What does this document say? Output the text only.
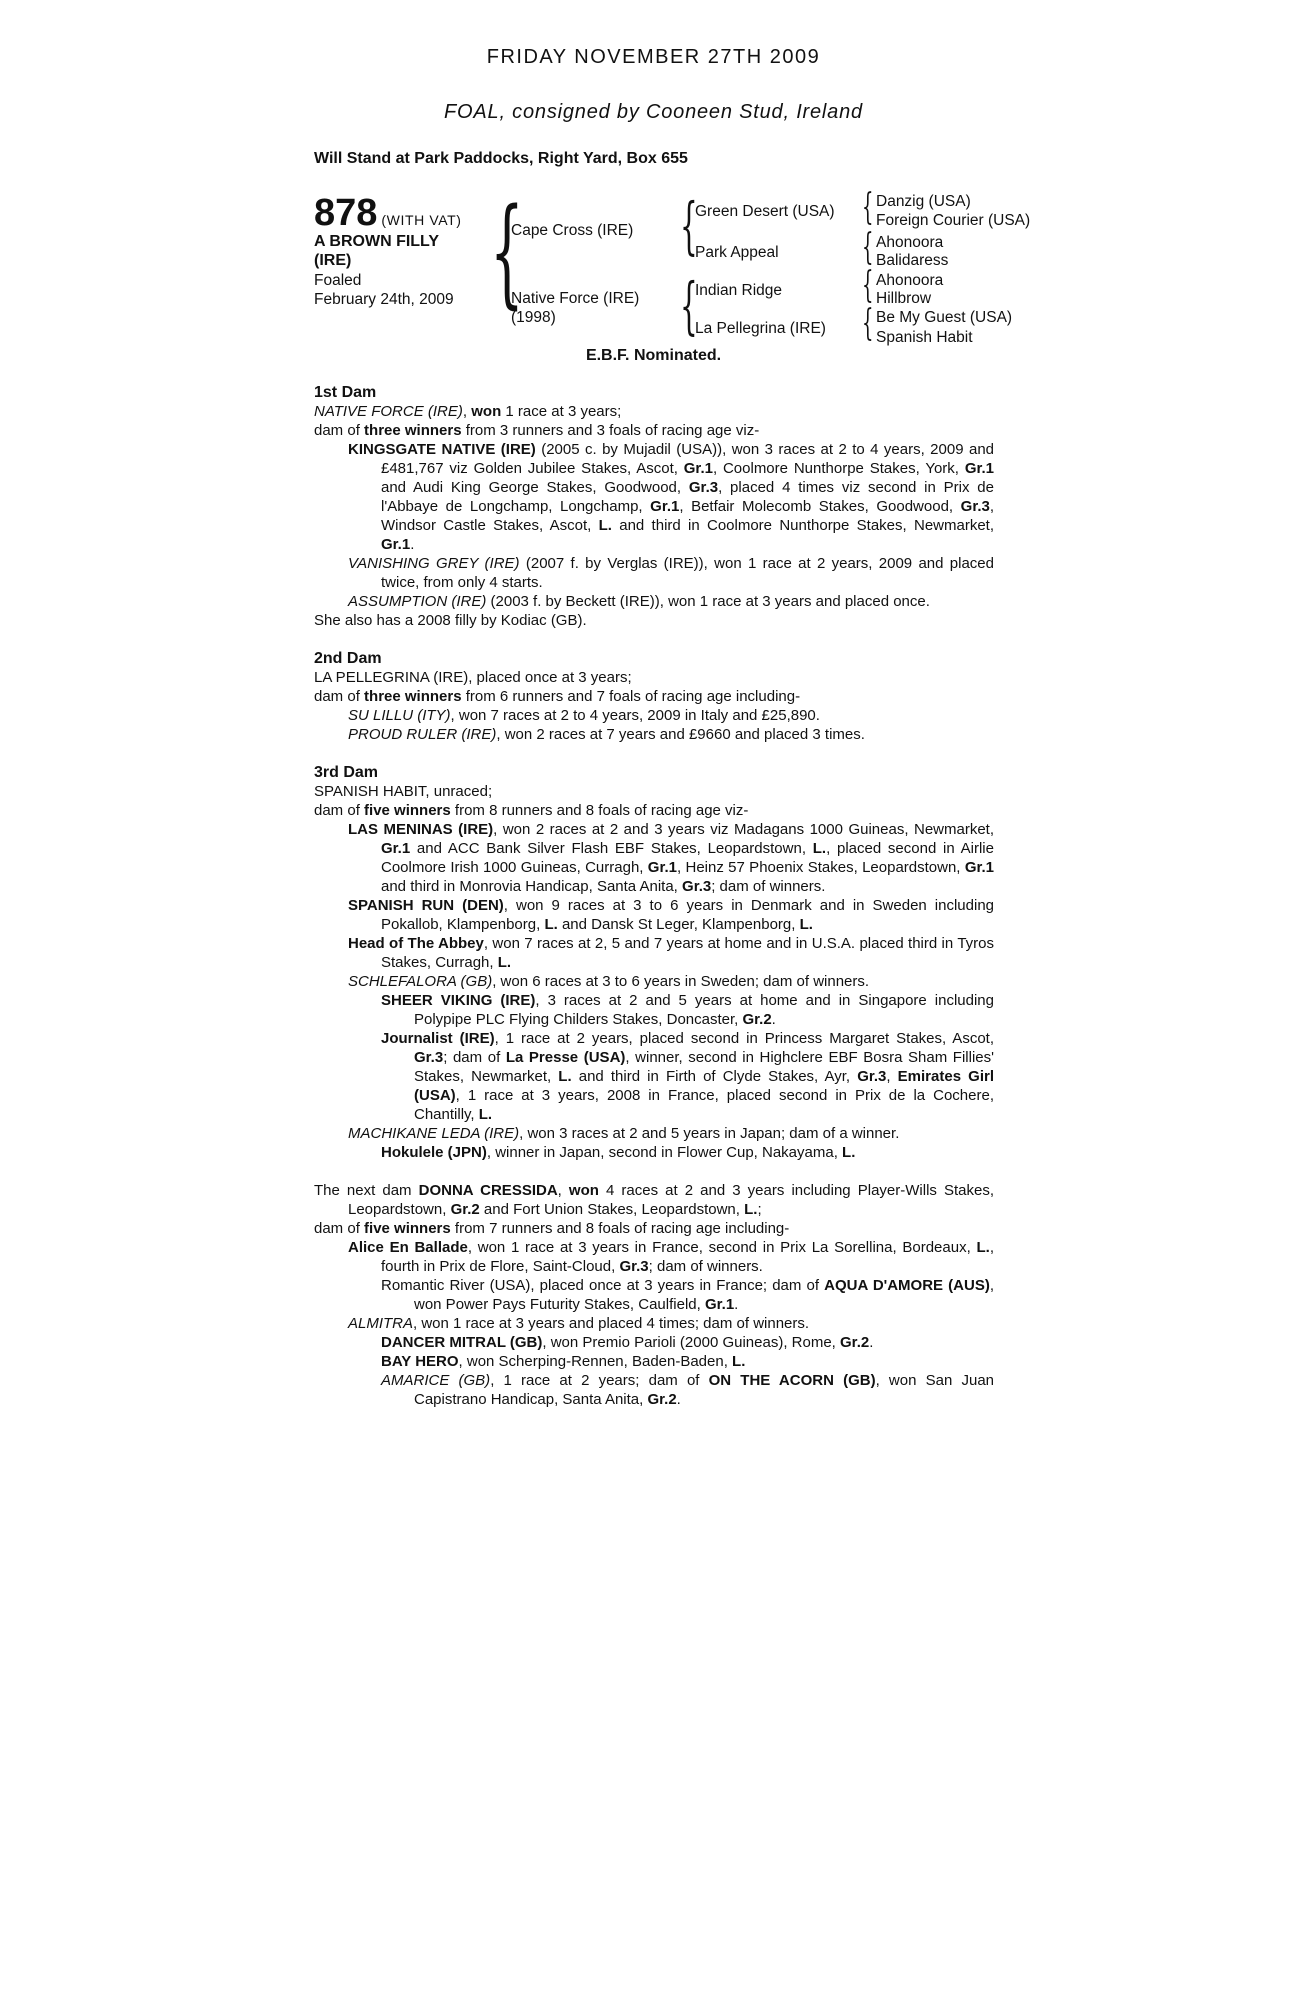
FRIDAY NOVEMBER 27TH 2009
FOAL, consigned by Cooneen Stud, Ireland
Will Stand at Park Paddocks, Right Yard, Box 655
878 (WITH VAT)
A BROWN FILLY
(IRE)
Foaled
February 24th, 2009 {
Cape Cross (IRE)
Native Force (IRE)
(1998)
{
{
Green Desert (USA)
Park Appeal
Indian Ridge
La Pellegrina (IRE)
{
{
{
{
Danzig (USA)
Foreign Courier (USA)
Ahonoora
Balidaress
Ahonoora
Hillbrow
Be My Guest (USA)
Spanish Habit
E.B.F. Nominated.

1st Dam

NATIVE FORCE (IRE), won 1 race at 3 years;

dam of three winners from 3 runners and 3 foals of racing age viz-

KINGSGATE NATIVE (IRE) (2005 c. by Mujadil (USA)), won 3 races at 2 to 4 years, 2009 and £481,767 viz Golden Jubilee Stakes, Ascot, Gr.1, Coolmore Nunthorpe Stakes, York, Gr.1 and Audi King George Stakes, Goodwood, Gr.3, placed 4 times viz second in Prix de l'Abbaye de Longchamp, Longchamp, Gr.1, Betfair Molecomb Stakes, Goodwood, Gr.3, Windsor Castle Stakes, Ascot, L. and third in Coolmore Nunthorpe Stakes, Newmarket, Gr.1.

VANISHING GREY (IRE) (2007 f. by Verglas (IRE)), won 1 race at 2 years, 2009 and placed twice, from only 4 starts.

ASSUMPTION (IRE) (2003 f. by Beckett (IRE)), won 1 race at 3 years and placed once.

She also has a 2008 filly by Kodiac (GB).

2nd Dam

LA PELLEGRINA (IRE), placed once at 3 years;

dam of three winners from 6 runners and 7 foals of racing age including-

SU LILLU (ITY), won 7 races at 2 to 4 years, 2009 in Italy and £25,890.

PROUD RULER (IRE), won 2 races at 7 years and £9660 and placed 3 times.

3rd Dam

SPANISH HABIT, unraced;

dam of five winners from 8 runners and 8 foals of racing age viz-

LAS MENINAS (IRE), won 2 races at 2 and 3 years viz Madagans 1000 Guineas, Newmarket, Gr.1 and ACC Bank Silver Flash EBF Stakes, Leopardstown, L., placed second in Airlie Coolmore Irish 1000 Guineas, Curragh, Gr.1, Heinz 57 Phoenix Stakes, Leopardstown, Gr.1 and third in Monrovia Handicap, Santa Anita, Gr.3; dam of winners.

SPANISH RUN (DEN), won 9 races at 3 to 6 years in Denmark and in Sweden including Pokallob, Klampenborg, L. and Dansk St Leger, Klampenborg, L.

Head of The Abbey, won 7 races at 2, 5 and 7 years at home and in U.S.A. placed third in Tyros Stakes, Curragh, L.

SCHLEFALORA (GB), won 6 races at 3 to 6 years in Sweden; dam of winners.

SHEER VIKING (IRE), 3 races at 2 and 5 years at home and in Singapore including Polypipe PLC Flying Childers Stakes, Doncaster, Gr.2.

Journalist (IRE), 1 race at 2 years, placed second in Princess Margaret Stakes, Ascot, Gr.3; dam of La Presse (USA), winner, second in Highclere EBF Bosra Sham Fillies' Stakes, Newmarket, L. and third in Firth of Clyde Stakes, Ayr, Gr.3, Emirates Girl (USA), 1 race at 3 years, 2008 in France, placed second in Prix de la Cochere, Chantilly, L.

MACHIKANE LEDA (IRE), won 3 races at 2 and 5 years in Japan; dam of a winner.

Hokulele (JPN), winner in Japan, second in Flower Cup, Nakayama, L.

The next dam DONNA CRESSIDA, won 4 races at 2 and 3 years including Player-Wills Stakes, Leopardstown, Gr.2 and Fort Union Stakes, Leopardstown, L.;

dam of five winners from 7 runners and 8 foals of racing age including-

Alice En Ballade, won 1 race at 3 years in France, second in Prix La Sorellina, Bordeaux, L., fourth in Prix de Flore, Saint-Cloud, Gr.3; dam of winners.

Romantic River (USA), placed once at 3 years in France; dam of AQUA D'AMORE (AUS), won Power Pays Futurity Stakes, Caulfield, Gr.1.

ALMITRA, won 1 race at 3 years and placed 4 times; dam of winners.

DANCER MITRAL (GB), won Premio Parioli (2000 Guineas), Rome, Gr.2.

BAY HERO, won Scherping-Rennen, Baden-Baden, L.

AMARICE (GB), 1 race at 2 years; dam of ON THE ACORN (GB), won San Juan Capistrano Handicap, Santa Anita, Gr.2.
